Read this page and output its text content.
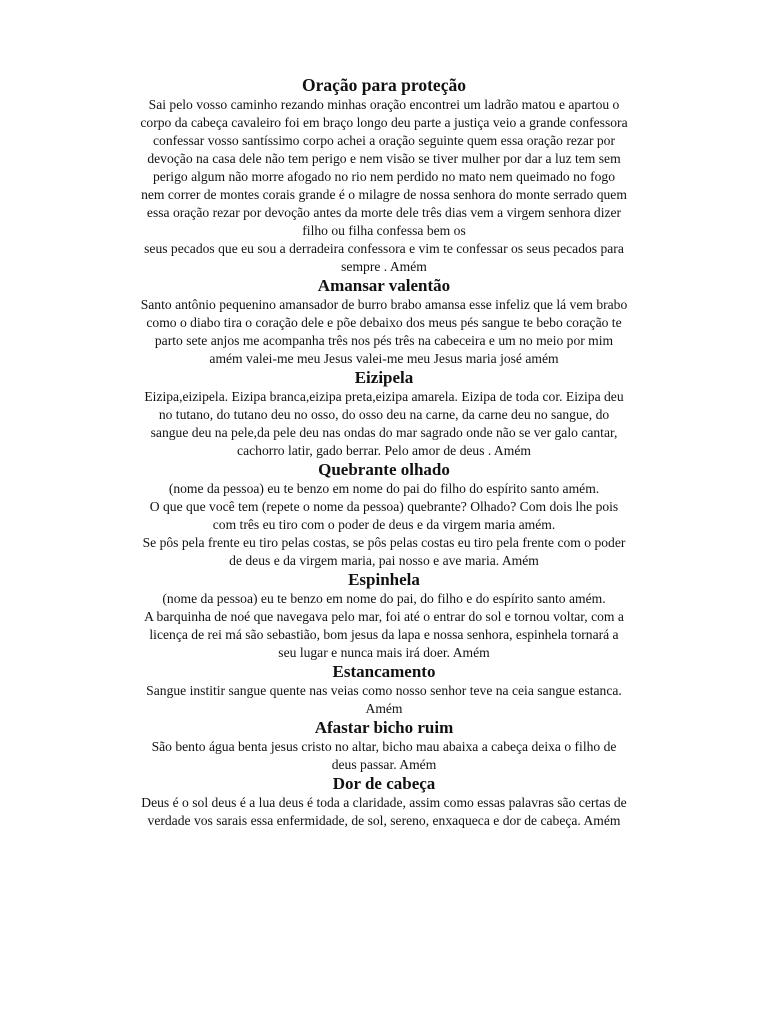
Oração para proteção

Sai pelo vosso caminho rezando minhas oração encontrei um ladrão matou e apartou o corpo da cabeça cavaleiro foi em braço longo deu parte a justiça veio a grande confessora confessar vosso santíssimo corpo achei a oração seguinte quem essa oração rezar por devoção na casa dele não tem perigo e nem visão se tiver mulher por dar a luz tem sem perigo algum não morre afogado no rio nem perdido no mato nem queimado no fogo nem correr de montes corais grande é o milagre de nossa senhora do monte serrado quem essa oração rezar por devoção antes da morte dele três dias vem a virgem senhora dizer filho ou filha confessa bem os

seus pecados que eu sou a derradeira confessora e vim te confessar os seus pecados para sempre . Amém

Amansar valentão

Santo antônio pequenino amansador de burro brabo amansa esse infeliz que lá vem brabo como o diabo tira o coração dele e põe debaixo dos meus pés sangue te bebo coração te parto sete anjos me acompanha três nos pés três na cabeceira e um no meio por mim amém valei-me meu Jesus valei-me meu Jesus maria josé amém

Eizipela

Eizipa,eizipela. Eizipa branca,eizipa preta,eizipa amarela. Eizipa de toda cor. Eizipa deu no tutano, do tutano deu no osso, do osso deu na carne, da carne deu no sangue, do sangue deu na pele,da pele deu nas ondas do mar sagrado onde não se ver galo cantar, cachorro latir, gado berrar. Pelo amor de deus . Amém

Quebrante olhado

(nome da pessoa) eu te benzo em nome do pai do filho do espírito santo amém.

O que que você tem (repete o nome da pessoa) quebrante? Olhado? Com dois lhe pois com três eu tiro com o poder de deus e da virgem maria amém.

Se pôs pela frente eu tiro pelas costas, se pôs pelas costas eu tiro pela frente com o poder de deus e da virgem maria, pai nosso e ave maria. Amém

Espinhela

(nome da pessoa) eu te benzo em nome do pai, do filho e do espírito santo amém.

A barquinha de noé que navegava pelo mar, foi até o entrar do sol e tornou voltar, com a licença de rei má são sebastião, bom jesus da lapa e nossa senhora, espinhela tornará a seu lugar e nunca mais irá doer. Amém

Estancamento

Sangue institir sangue quente nas veias como nosso senhor teve na ceia sangue estanca. Amém

Afastar bicho ruim

São bento água benta jesus cristo no altar, bicho mau abaixa a cabeça deixa o filho de deus passar. Amém

Dor de cabeça

Deus é o sol deus é a lua deus é toda a claridade, assim como essas palavras são certas de verdade vos sarais essa enfermidade, de sol, sereno, enxaqueca e dor de cabeça. Amém
